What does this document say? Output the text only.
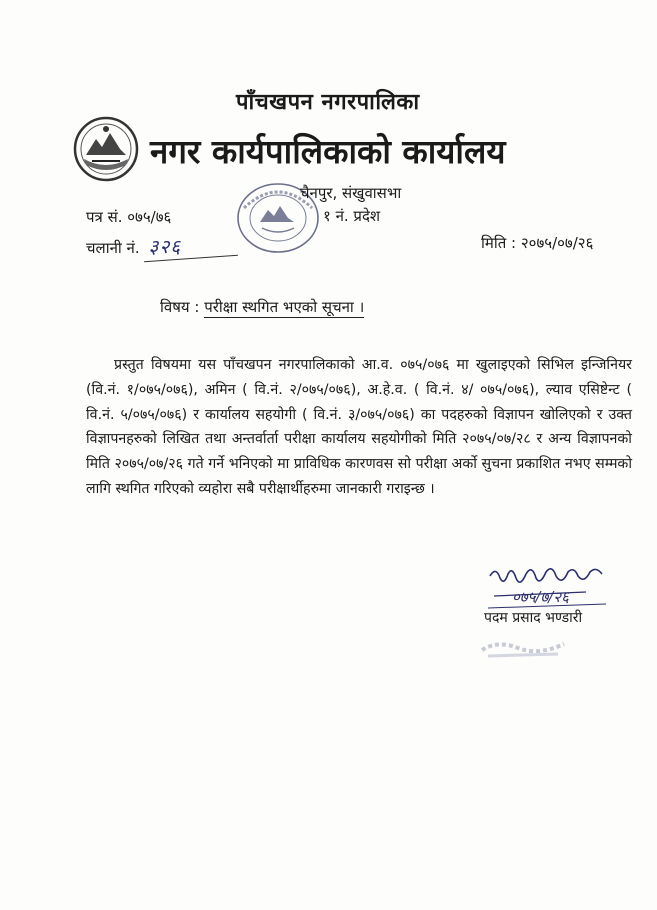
पाँचखपन नगरपालिका
नगर कार्यपालिकाको कार्यालय
चैनपुर, संखुवासभा
१ नं. प्रदेश
पत्र सं. ०७५/७६
चलानी नं. ३२६	मिति : २०७५/०७/२६
विषय : परीक्षा स्थगित भएको सूचना ।
प्रस्तुत विषयमा यस पाँचखपन नगरपालिकाको आ.व. ०७५/०७६ मा खुलाइएको सिभिल इन्जिनियर (वि.नं. १/०७५/०७६), अमिन ( वि.नं. २/०७५/०७६), अ.हे.व. ( वि.नं. ४/ ०७५/०७६), ल्याव एसिष्टेन्ट ( वि.नं. ५/०७५/०७६) र कार्यालय सहयोगी ( वि.नं. ३/०७५/०७६) का पदहरुको विज्ञापन खोलिएको र उक्त विज्ञापनहरुको लिखित तथा अन्तर्वार्ता परीक्षा कार्यालय सहयोगीको मिति २०७५/०७/२८ र अन्य विज्ञापनको मिति २०७५/०७/२६ गते गर्ने भनिएको मा प्राविधिक कारणवस सो परीक्षा अर्को सुचना प्रकाशित नभए सम्मको लागि स्थगित गरिएको व्यहोरा सबै परीक्षार्थीहरुमा जानकारी गराइन्छ ।
०७५/७/२६
पदम प्रसाद भण्डारी
